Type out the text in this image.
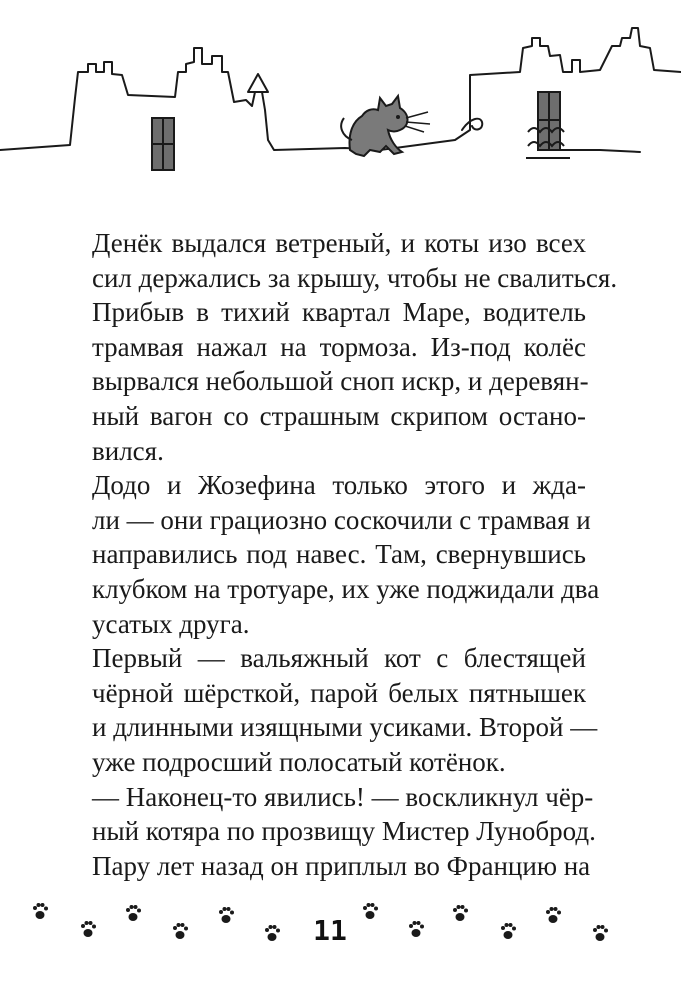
Денёк выдался ветреный, и коты изо всех
сил держались за крышу, чтобы не свалиться.

Прибыв в тихий квартал Маре, водитель
трамвая нажал на тормоза. Из-под колёс
вырвался небольшой сноп искр, и деревян-
ный вагон со страшным скрипом остано-
вился.

Додо и Жозефина только этого и жда-
ли — они грациозно соскочили с трамвая и
направились под навес. Там, свернувшись
клубком на тротуаре, их уже поджидали два
усатых друга.

Первый — вальяжный кот с блестящей
чёрной шёрсткой, парой белых пятнышек
и длинными изящными усиками. Второй —
уже подросший полосатый котёнок.

— Наконец-то явились! — воскликнул чёр-
ный котяра по прозвищу Мистер Луноброд.
Пару лет назад он приплыл во Францию на

11
